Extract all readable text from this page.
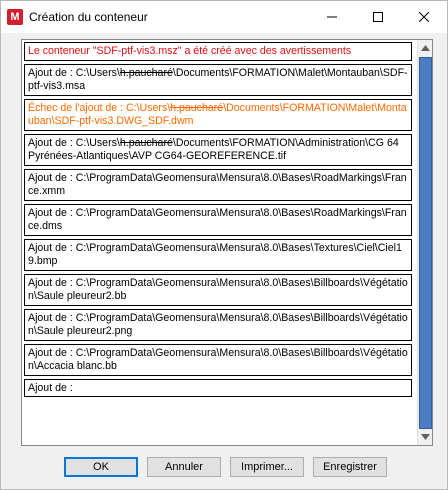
M Création du conteneur
Le conteneur "SDF-ptf-vis3.msz" a été créé avec des avertissements
Ajout de : C:\Users\h.paucharé\Documents\FORMATION\Malet\Montauban\SDF-ptf-vis3.msa
Échec de l'ajout de : C:\Users\h.paucharé\Documents\FORMATION\Malet\Montauban\SDF-ptf-vis3.DWG_SDF.dwm
Ajout de : C:\Users\h.paucharé\Documents\FORMATION\Administration\CG 64 Pyrénées-Atlantiques\AVP CG64-GEOREFERENCE.tif
Ajout de : C:\ProgramData\Geomensura\Mensura\8.0\Bases\RoadMarkings\France.xmm
Ajout de : C:\ProgramData\Geomensura\Mensura\8.0\Bases\RoadMarkings\France.dms
Ajout de : C:\ProgramData\Geomensura\Mensura\8.0\Bases\Textures\Ciel\Ciel19.bmp
Ajout de : C:\ProgramData\Geomensura\Mensura\8.0\Bases\Billboards\Végétation\Saule pleureur2.bb
Ajout de : C:\ProgramData\Geomensura\Mensura\8.0\Bases\Billboards\Végétation\Saule pleureur2.png
Ajout de : C:\ProgramData\Geomensura\Mensura\8.0\Bases\Billboards\Végétation\Accacia blanc.bb
Ajout de :
OK	Annuler	Imprimer...	Enregistrer
